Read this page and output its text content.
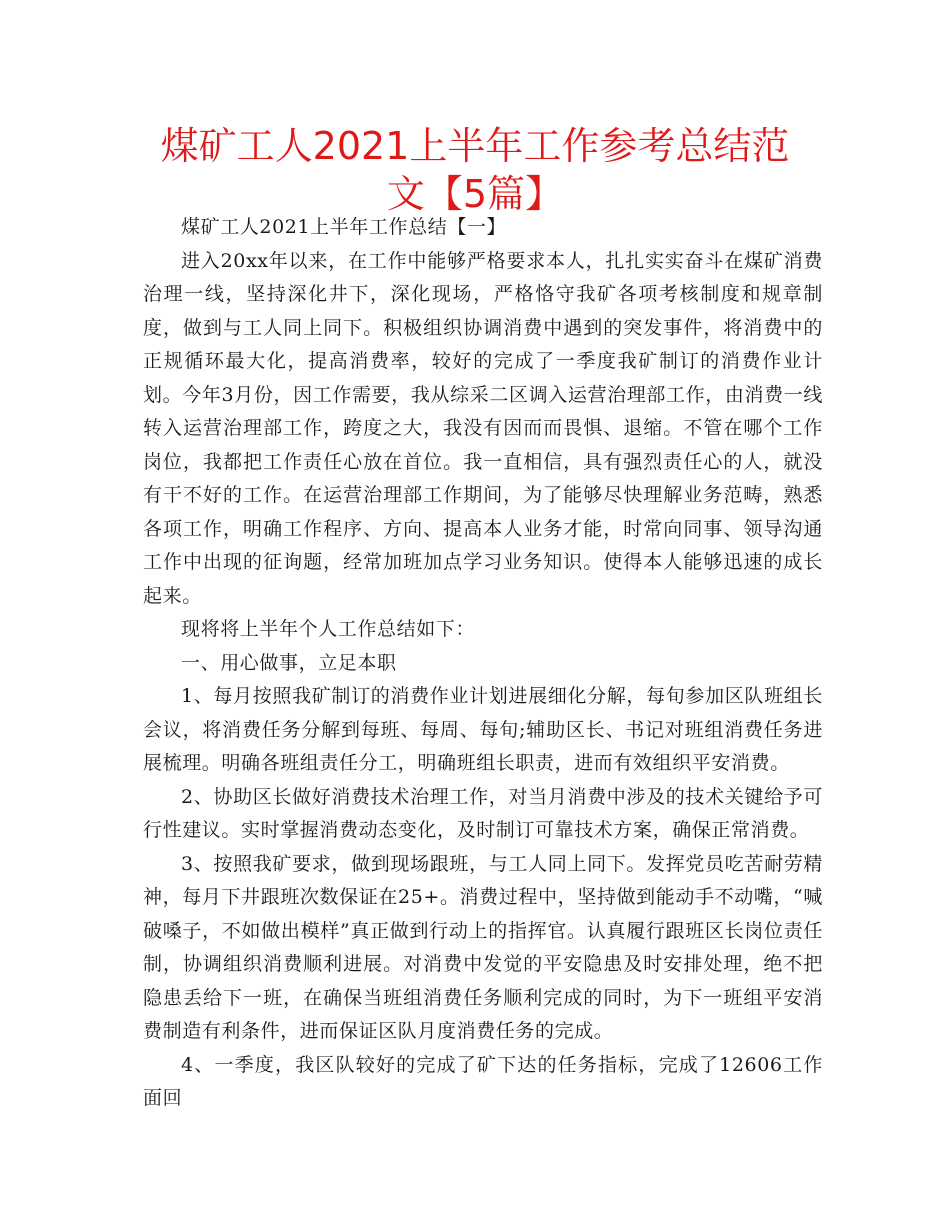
煤矿工人2021上半年工作参考总结范文【5篇】

煤矿工人2021上半年工作总结【一】

进入20xx年以来，在工作中能够严格要求本人，扎扎实实奋斗在煤矿消费治理一线，坚持深化井下，深化现场，严格恪守我矿各项考核制度和规章制度，做到与工人同上同下。积极组织协调消费中遇到的突发事件，将消费中的正规循环最大化，提高消费率，较好的完成了一季度我矿制订的消费作业计划。今年3月份，因工作需要，我从综采二区调入运营治理部工作，由消费一线转入运营治理部工作，跨度之大，我没有因而而畏惧、退缩。不管在哪个工作岗位，我都把工作责任心放在首位。我一直相信，具有强烈责任心的人，就没有干不好的工作。在运营治理部工作期间，为了能够尽快理解业务范畴，熟悉各项工作，明确工作程序、方向、提高本人业务才能，时常向同事、领导沟通工作中出现的征询题，经常加班加点学习业务知识。使得本人能够迅速的成长起来。

现将将上半年个人工作总结如下：

一、用心做事，立足本职

1、每月按照我矿制订的消费作业计划进展细化分解，每旬参加区队班组长会议，将消费任务分解到每班、每周、每旬;辅助区长、书记对班组消费任务进展梳理。明确各班组责任分工，明确班组长职责，进而有效组织平安消费。

2、协助区长做好消费技术治理工作，对当月消费中涉及的技术关键给予可行性建议。实时掌握消费动态变化，及时制订可靠技术方案，确保正常消费。

3、按照我矿要求，做到现场跟班，与工人同上同下。发挥党员吃苦耐劳精神，每月下井跟班次数保证在25+。消费过程中，坚持做到能动手不动嘴，“喊破嗓子，不如做出模样”真正做到行动上的指挥官。认真履行跟班区长岗位责任制，协调组织消费顺利进展。对消费中发觉的平安隐患及时安排处理，绝不把隐患丢给下一班，在确保当班组消费任务顺利完成的同时，为下一班组平安消费制造有利条件，进而保证区队月度消费任务的完成。

4、一季度，我区队较好的完成了矿下达的任务指标，完成了12606工作面回
